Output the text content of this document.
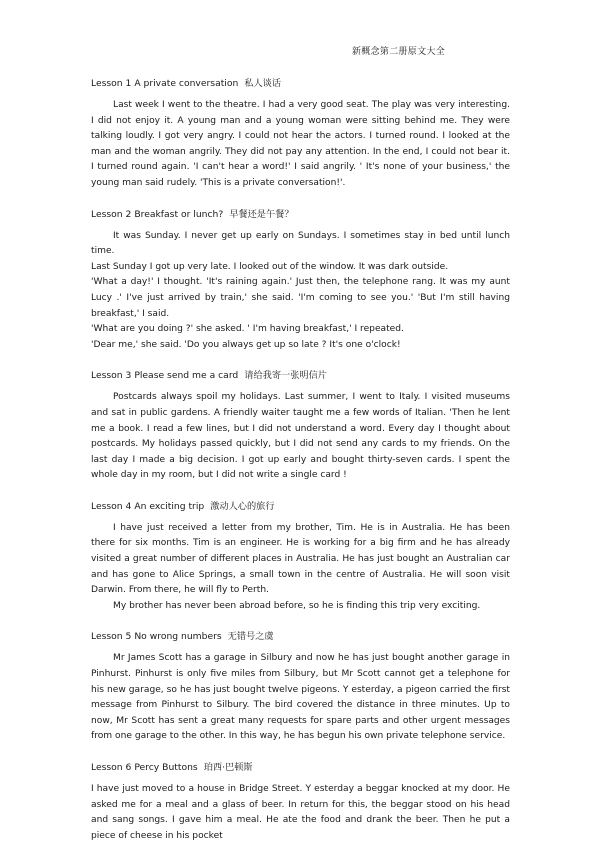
新概念第二册原文大全
Lesson 1 A private conversation 私人谈话

Last week I went to the theatre. I had a very good seat. The play was very interesting. I did not enjoy it. A young man and a young woman were sitting behind me. They were talking loudly. I got very angry. I could not hear the actors. I turned round. I looked at the man and the woman angrily. They did not pay any attention. In the end, I could not bear it. I turned round again. 'I can't hear a word!' I said angrily. ' It's none of your business,' the young man said rudely. 'This is a private conversation!'.

Lesson 2 Breakfast or lunch? 早餐还是午餐？

It was Sunday. I never get up early on Sundays. I sometimes stay in bed until lunch time.

Last Sunday I got up very late. I looked out of the window. It was dark outside.

'What a day!' I thought. 'It's raining again.' Just then, the telephone rang. It was my aunt Lucy .' I've just arrived by train,' she said. 'I'm coming to see you.' 'But I'm still having breakfast,' I said.

'What are you doing ?' she asked. ' I'm having breakfast,' I repeated.

'Dear me,' she said. 'Do you always get up so late ? It's one o'clock!

Lesson 3 Please send me a card 请给我寄一张明信片

Postcards always spoil my holidays. Last summer, I went to Italy. I visited museums and sat in public gardens. A friendly waiter taught me a few words of Italian. 'Then he lent me a book. I read a few lines, but I did not understand a word. Every day I thought about postcards. My holidays passed quickly, but I did not send any cards to my friends. On the last day I made a big decision. I got up early and bought thirty-seven cards. I spent the whole day in my room, but I did not write a single card !

Lesson 4 An exciting trip 激动人心的旅行

I have just received a letter from my brother, Tim. He is in Australia. He has been there for six months. Tim is an engineer. He is working for a big firm and he has already visited a great number of different places in Australia. He has just bought an Australian car and has gone to Alice Springs, a small town in the centre of Australia. He will soon visit Darwin. From there, he will fly to Perth.

My brother has never been abroad before, so he is finding this trip very exciting.

Lesson 5 No wrong numbers 无错号之虞

Mr James Scott has a garage in Silbury and now he has just bought another garage in Pinhurst. Pinhurst is only five miles from Silbury, but Mr Scott cannot get a telephone for his new garage, so he has just bought twelve pigeons. Y esterday, a pigeon carried the first message from Pinhurst to Silbury. The bird covered the distance in three minutes. Up to now, Mr Scott has sent a great many requests for spare parts and other urgent messages from one garage to the other. In this way, he has begun his own private telephone service.

Lesson 6 Percy Buttons 珀西·巴顿斯

I have just moved to a house in Bridge Street. Y esterday a beggar knocked at my door. He asked me for a meal and a glass of beer. In return for this, the beggar stood on his head and sang songs. I gave him a meal. He ate the food and drank the beer. Then he put a piece of cheese in his pocket
